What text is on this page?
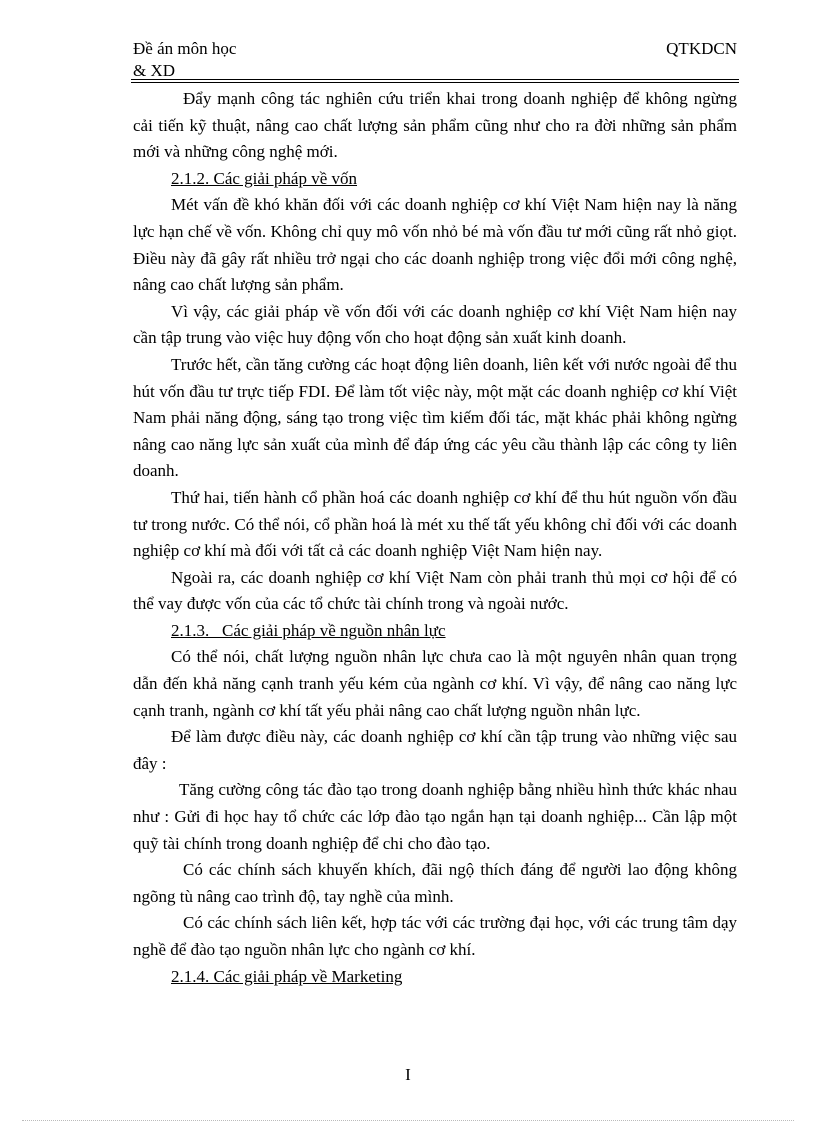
Đề án môn học
& XD
QTKDCN

Đẩy mạnh công tác nghiên cứu triển khai trong doanh nghiệp để không ngừng cải tiến kỹ thuật, nâng cao chất lượng sản phẩm cũng như cho ra đời những sản phẩm mới và những công nghệ mới.

2.1.2. Các giải pháp về vốn

Mét vấn đề khó khăn đối với các doanh nghiệp cơ khí Việt Nam hiện nay là năng lực hạn chế về vốn. Không chỉ quy mô vốn nhỏ bé mà vốn đầu tư mới cũng rất nhỏ giọt. Điều này đã gây rất nhiều trở ngại cho các doanh nghiệp trong việc đổi mới công nghệ, nâng cao chất lượng sản phẩm.

Vì vậy, các giải pháp về vốn đối với các doanh nghiệp cơ khí Việt Nam hiện nay cần tập trung vào việc huy động vốn cho hoạt động sản xuất kinh doanh.

Trước hết, cần tăng cường các hoạt động liên doanh, liên kết với nước ngoài để thu hút vốn đầu tư trực tiếp FDI. Để làm tốt việc này, một mặt các doanh nghiệp cơ khí Việt Nam phải năng động, sáng tạo trong việc tìm kiếm đối tác, mặt khác phải không ngừng nâng cao năng lực sản xuất của mình để đáp ứng các yêu cầu thành lập các công ty liên doanh.

Thứ hai, tiến hành cổ phần hoá các doanh nghiệp cơ khí để thu hút nguồn vốn đầu tư trong nước. Có thể nói, cổ phần hoá là mét xu thế tất yếu không chỉ đối với các doanh nghiệp cơ khí mà đối với tất cả các doanh nghiệp Việt Nam hiện nay.

Ngoài ra, các doanh nghiệp cơ khí Việt Nam còn phải tranh thủ mọi cơ hội để có thể vay được vốn của các tổ chức tài chính trong và ngoài nước.

2.1.3.   Các giải pháp về nguồn nhân lực

Có thể nói, chất lượng nguồn nhân lực chưa cao là một nguyên nhân quan trọng dẫn đến khả năng cạnh tranh yếu kém của ngành cơ khí. Vì vậy, để nâng cao năng lực cạnh tranh, ngành cơ khí tất yếu phải nâng cao chất lượng nguồn nhân lực.

Để làm được điều này, các doanh nghiệp cơ khí cần tập trung vào những việc sau đây :

Tăng cường công tác đào tạo trong doanh nghiệp bằng nhiều hình thức khác nhau như : Gửi đi học hay tổ chức các lớp đào tạo ngắn hạn tại doanh nghiệp... Cần lập một quỹ tài chính trong doanh nghiệp để chi cho đào tạo.

Có các chính sách khuyến khích, đãi ngộ thích đáng để người lao động không ngõng tù nâng cao trình độ, tay nghề của mình.

Có các chính sách liên kết, hợp tác với các trường đại học, với các trung tâm dạy nghề để đào tạo nguồn nhân lực cho ngành cơ khí.

2.1.4. Các giải pháp về Marketing

I
